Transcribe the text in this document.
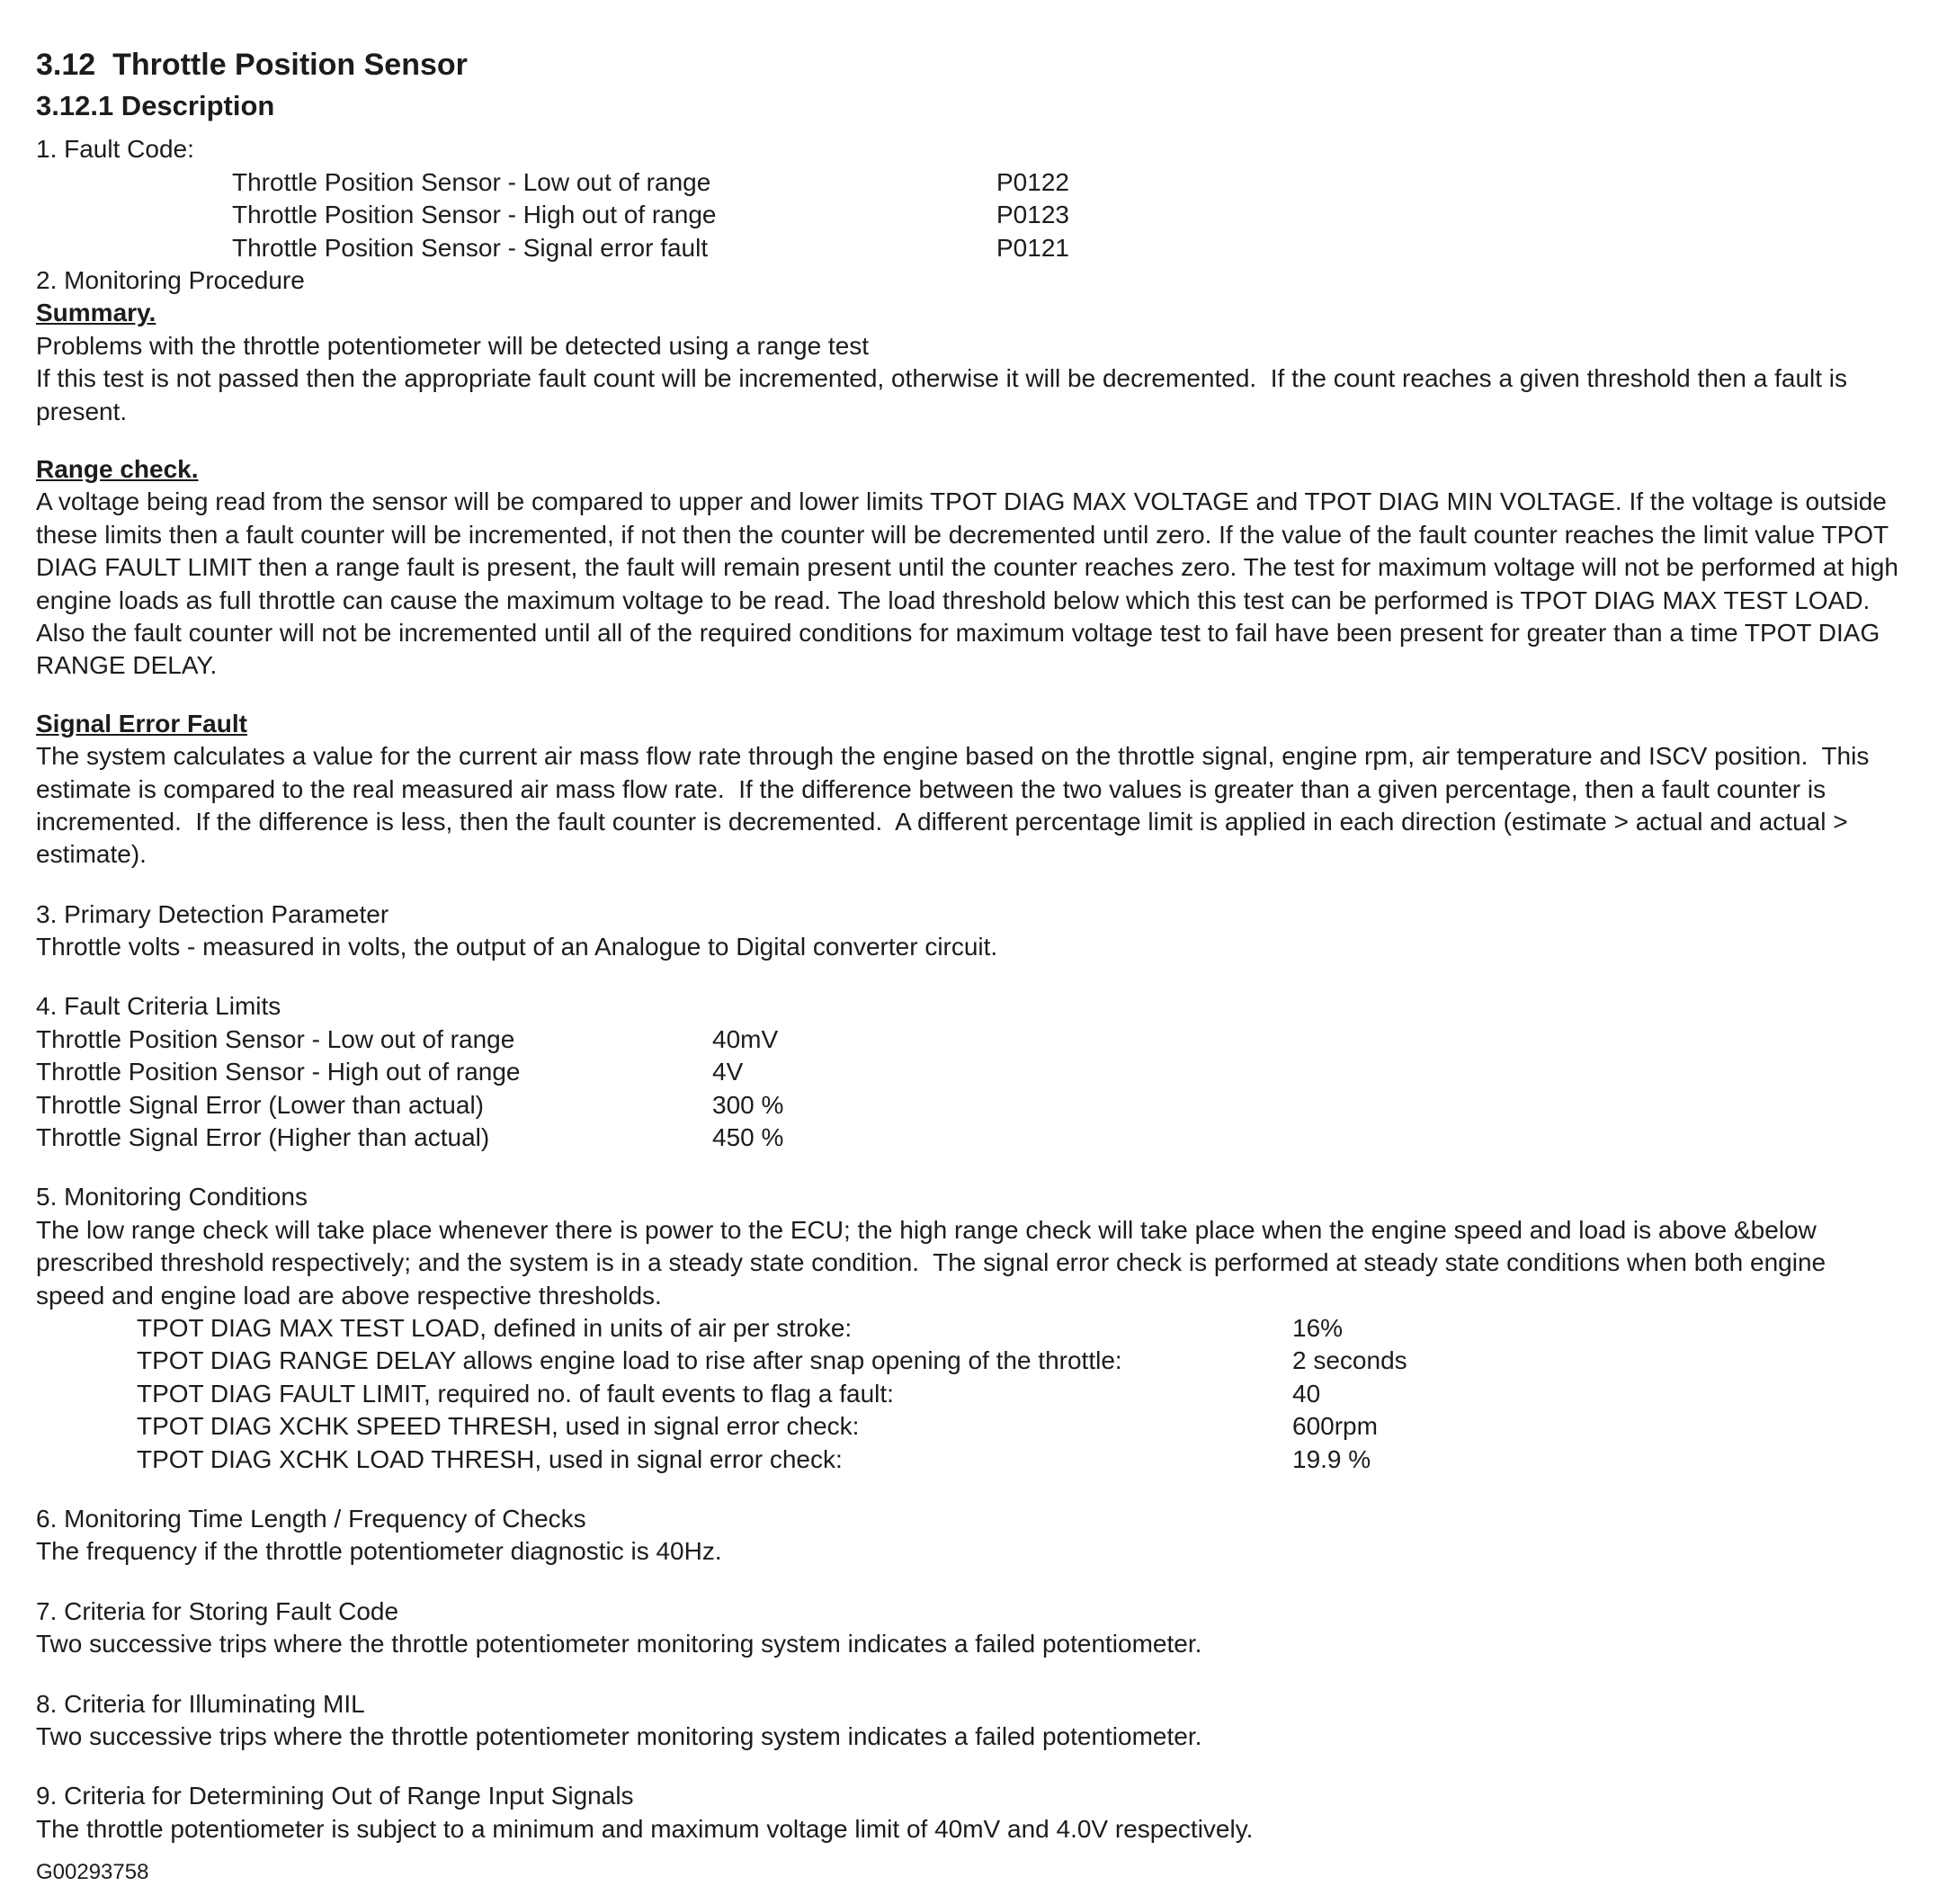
3.12  Throttle Position Sensor
3.12.1 Description

1. Fault Code:

Throttle Position Sensor - Low out of range	P0122
Throttle Position Sensor - High out of range	P0123
Throttle Position Sensor - Signal error fault	P0121

2. Monitoring Procedure

Summary.

Problems with the throttle potentiometer will be detected using a range test

If this test is not passed then the appropriate fault count will be incremented, otherwise it will be decremented.  If the count reaches a given threshold then a fault is present.

Range check.

A voltage being read from the sensor will be compared to upper and lower limits TPOT DIAG MAX VOLTAGE and TPOT DIAG MIN VOLTAGE. If the voltage is outside these limits then a fault counter will be incremented, if not then the counter will be decremented until zero. If the value of the fault counter reaches the limit value TPOT DIAG FAULT LIMIT then a range fault is present, the fault will remain present until the counter reaches zero. The test for maximum voltage will not be performed at high engine loads as full throttle can cause the maximum voltage to be read. The load threshold below which this test can be performed is TPOT DIAG MAX TEST LOAD. Also the fault counter will not be incremented until all of the required conditions for maximum voltage test to fail have been present for greater than a time TPOT DIAG RANGE DELAY.

Signal Error Fault

The system calculates a value for the current air mass flow rate through the engine based on the throttle signal, engine rpm, air temperature and ISCV position.  This estimate is compared to the real measured air mass flow rate.  If the difference between the two values is greater than a given percentage, then a fault counter is incremented.  If the difference is less, then the fault counter is decremented.  A different percentage limit is applied in each direction (estimate > actual and actual > estimate).

3. Primary Detection Parameter

Throttle volts - measured in volts, the output of an Analogue to Digital converter circuit.

4. Fault Criteria Limits

Throttle Position Sensor - Low out of range	40mV
Throttle Position Sensor - High out of range	4V
Throttle Signal Error (Lower than actual)	300 %
Throttle Signal Error (Higher than actual)	450 %

5. Monitoring Conditions

The low range check will take place whenever there is power to the ECU; the high range check will take place when the engine speed and load is above &below prescribed threshold respectively; and the system is in a steady state condition.  The signal error check is performed at steady state conditions when both engine speed and engine load are above respective thresholds.

TPOT DIAG MAX TEST LOAD, defined in units of air per stroke:	16%
TPOT DIAG RANGE DELAY allows engine load to rise after snap opening of the throttle:	2 seconds
TPOT DIAG FAULT LIMIT, required no. of fault events to flag a fault:	40
TPOT DIAG XCHK SPEED THRESH, used in signal error check:	600rpm
TPOT DIAG XCHK LOAD THRESH, used in signal error check:	19.9 %

6. Monitoring Time Length / Frequency of Checks

The frequency if the throttle potentiometer diagnostic is 40Hz.

7. Criteria for Storing Fault Code

Two successive trips where the throttle potentiometer monitoring system indicates a failed potentiometer.

8. Criteria for Illuminating MIL

Two successive trips where the throttle potentiometer monitoring system indicates a failed potentiometer.

9. Criteria for Determining Out of Range Input Signals

The throttle potentiometer is subject to a minimum and maximum voltage limit of 40mV and 4.0V respectively.

G00293758
